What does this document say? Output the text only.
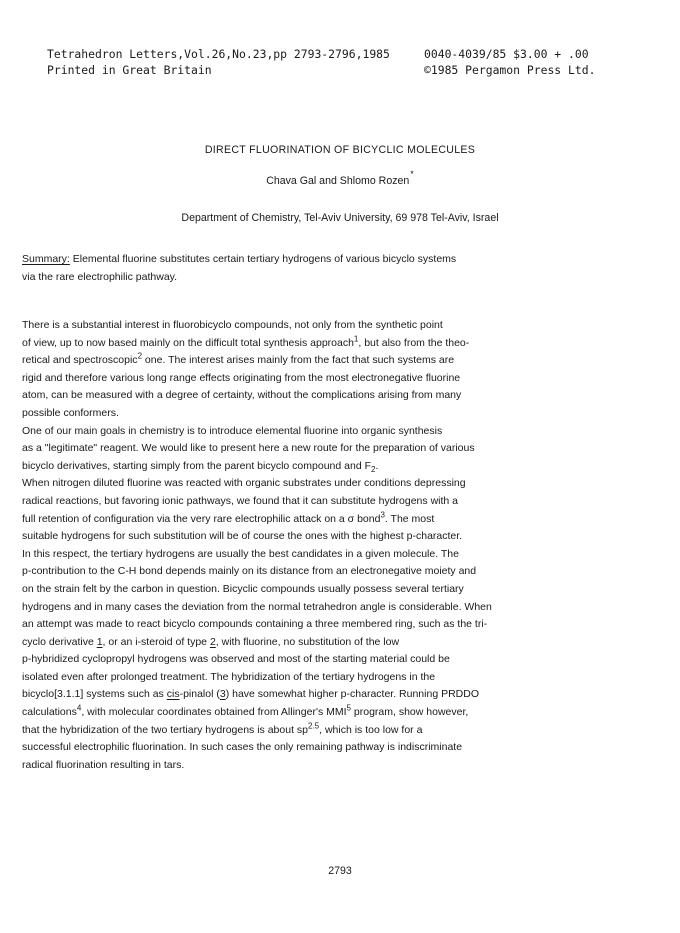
Tetrahedron Letters,Vol.26,No.23,pp 2793-2796,1985
Printed in Great Britain
0040-4039/85 $3.00 + .00
©1985 Pergamon Press Ltd.
DIRECT FLUORINATION OF BICYCLIC MOLECULES
Chava Gal and Shlomo Rozen*
Department of Chemistry, Tel-Aviv University, 69 978 Tel-Aviv, Israel

Summary: Elemental fluorine substitutes certain tertiary hydrogens of various bicyclo systems
via the rare electrophilic pathway.

There is a substantial interest in fluorobicyclo compounds, not only from the synthetic point
of view, up to now based mainly on the difficult total synthesis approach$^1$, but also from the theo-
retical and spectroscopic$^2$ one. The interest arises mainly from the fact that such systems are
rigid and therefore various long range effects originating from the most electronegative fluorine
atom, can be measured with a degree of certainty, without the complications arising from many
possible conformers.
One of our main goals in chemistry is to introduce elemental fluorine into organic synthesis
as a "legitimate" reagent. We would like to present here a new route for the preparation of various
bicyclo derivatives, starting simply from the parent bicyclo compound and $F_2$.
When nitrogen diluted fluorine was reacted with organic substrates under conditions depressing
radical reactions, but favoring ionic pathways, we found that it can substitute hydrogens with a
full retention of configuration via the very rare electrophilic attack on a σ bond$^3$. The most
suitable hydrogens for such substitution will be of course the ones with the highest p-character.
In this respect, the tertiary hydrogens are usually the best candidates in a given molecule. The
p-contribution to the C-H bond depends mainly on its distance from an electronegative moiety and
on the strain felt by the carbon in question. Bicyclic compounds usually possess several tertiary
hydrogens and in many cases the deviation from the normal tetrahedron angle is considerable. When
an attempt was made to react bicyclo compounds containing a three membered ring, such as the tri-
cyclo derivative 1, or an i-steroid of type 2, with fluorine, no substitution of the low
p-hybridized cyclopropyl hydrogens was observed and most of the starting material could be
isolated even after prolonged treatment. The hybridization of the tertiary hydrogens in the
bicyclo[3.1.1] systems such as cis-pinalol (3) have somewhat higher p-character. Running PRDDO
calculations$^4$, with molecular coordinates obtained from Allinger's MMI$^5$ program, show however,
that the hybridization of the two tertiary hydrogens is about $sp^{2.5}$, which is too low for a
successful electrophilic fluorination. In such cases the only remaining pathway is indiscriminate
radical fluorination resulting in tars.

2793
